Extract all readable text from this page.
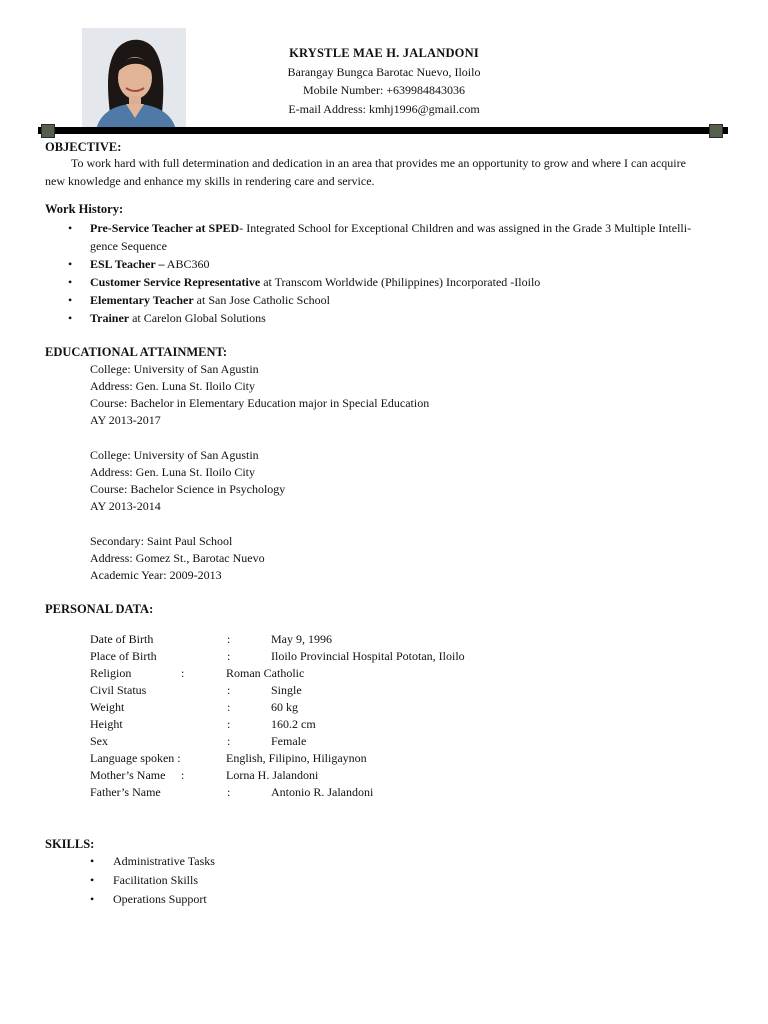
KRYSTLE MAE H. JALANDONI
Barangay Bungca Barotac Nuevo, Iloilo
Mobile Number: +639984843036
E-mail Address: kmhj1996@gmail.com
OBJECTIVE:
To work hard with full determination and dedication in an area that provides me an opportunity to grow and where I can acquire
new knowledge and enhance my skills in rendering care and service.
Work History:
• Pre-Service Teacher at SPED- Integrated School for Exceptional Children and was assigned in the Grade 3 Multiple Intelli-
gence Sequence
• ESL Teacher – ABC360
• Customer Service Representative at Transcom Worldwide (Philippines) Incorporated -Iloilo
• Elementary Teacher at San Jose Catholic School
• Trainer at Carelon Global Solutions
EDUCATIONAL ATTAINMENT:
College: University of San Agustin
Address: Gen. Luna St. Iloilo City
Course: Bachelor in Elementary Education major in Special Education
AY 2013-2017
College: University of San Agustin
Address: Gen. Luna St. Iloilo City
Course: Bachelor Science in Psychology
AY 2013-2014
Secondary: Saint Paul School
Address: Gomez St., Barotac Nuevo
Academic Year: 2009-2013
PERSONAL DATA:
Date of Birth	:	May 9, 1996
Place of Birth	:	Iloilo Provincial Hospital Pototan, Iloilo
Religion	:	Roman Catholic
Civil Status	:	Single
Weight	:	60 kg
Height	:	160.2 cm
Sex	:	Female
Language spoken :	English, Filipino, Hiligaynon
Mother’s Name :	Lorna H. Jalandoni
Father’s Name	:	Antonio R. Jalandoni
SKILLS:
• Administrative Tasks
• Facilitation Skills
• Operations Support
